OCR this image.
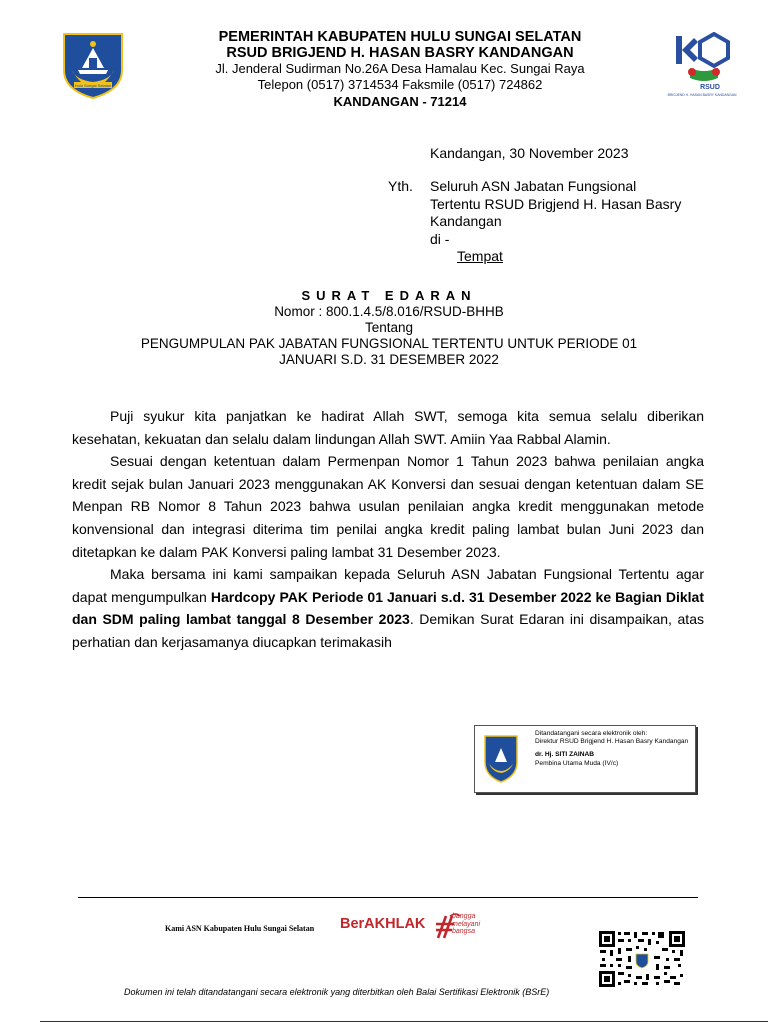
Hulu Sungai Selatan
PEMERINTAH KABUPATEN HULU SUNGAI SELATAN
RSUD BRIGJEND H. HASAN BASRY KANDANGAN
Jl. Jenderal Sudirman No.26A Desa Hamalau Kec. Sungai Raya
Telepon (0517) 3714534 Faksmile (0517) 724862
KANDANGAN - 71214
RSUD
BRIGJEND H. HASAN BASRY KANDANGAN
Kandangan, 30 November 2023
Yth. Seluruh ASN Jabatan Fungsional Tertentu RSUD Brigjend H. Hasan Basry Kandangan
di -
Tempat
SURAT EDARAN
Nomor : 800.1.4.5/8.016/RSUD-BHHB
Tentang
PENGUMPULAN PAK JABATAN FUNGSIONAL TERTENTU UNTUK PERIODE 01
JANUARI S.D. 31 DESEMBER 2022

Puji syukur kita panjatkan ke hadirat Allah SWT, semoga kita semua selalu diberikan kesehatan, kekuatan dan selalu dalam lindungan Allah SWT. Amiin Yaa Rabbal Alamin.

Sesuai dengan ketentuan dalam Permenpan Nomor 1 Tahun 2023 bahwa penilaian angka kredit sejak bulan Januari 2023 menggunakan AK Konversi dan sesuai dengan ketentuan dalam SE Menpan RB Nomor 8 Tahun 2023 bahwa usulan penilaian angka kredit menggunakan metode konvensional dan integrasi diterima tim penilai angka kredit paling lambat bulan Juni 2023 dan ditetapkan ke dalam PAK Konversi paling lambat 31 Desember 2023.

Maka bersama ini kami sampaikan kepada Seluruh ASN Jabatan Fungsional Tertentu agar dapat mengumpulkan Hardcopy PAK Periode 01 Januari s.d. 31 Desember 2022 ke Bagian Diklat dan SDM paling lambat tanggal 8 Desember 2023. Demikan Surat Edaran ini disampaikan, atas perhatian dan kerjasamanya diucapkan terimakasih

Ditandatangani secara elektronik oleh:
Direktur RSUD Brigjend H. Hasan Basry Kandangan
dr. Hj. SITI ZAINAB
Pembina Utama Muda (IV/c)
Kami ASN Kabupaten Hulu Sungai Selatan BerAKHLAK	bangga
melayani
bangsa
Dokumen ini telah ditandatangani secara elektronik yang diterbitkan oleh Balai Sertifikasi Elektronik (BSrE)
